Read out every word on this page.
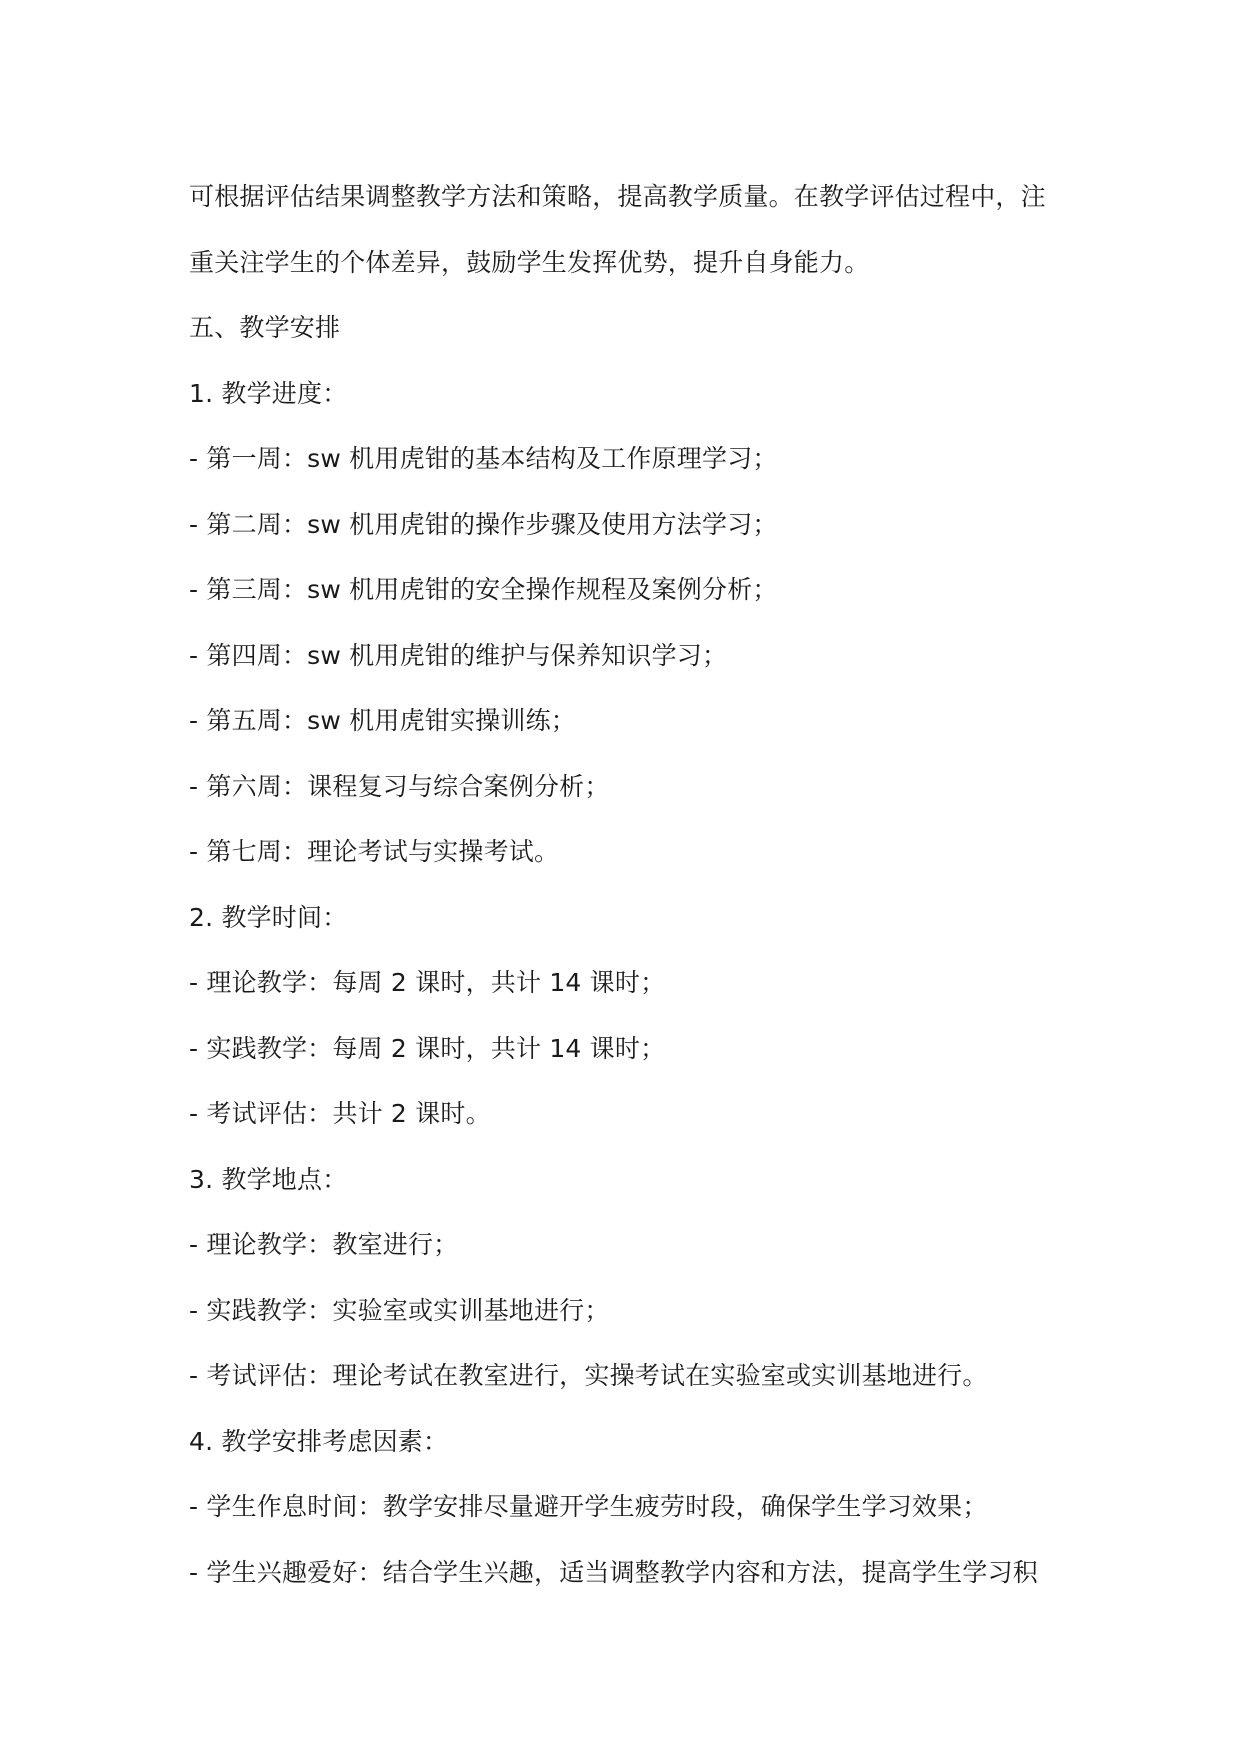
可根据评估结果调整教学方法和策略，提高教学质量。在教学评估过程中，注
重关注学生的个体差异，鼓励学生发挥优势，提升自身能力。
五、教学安排
1. 教学进度：
- 第一周：sw 机用虎钳的基本结构及工作原理学习；
- 第二周：sw 机用虎钳的操作步骤及使用方法学习；
- 第三周：sw 机用虎钳的安全操作规程及案例分析；
- 第四周：sw 机用虎钳的维护与保养知识学习；
- 第五周：sw 机用虎钳实操训练；
- 第六周：课程复习与综合案例分析；
- 第七周：理论考试与实操考试。
2. 教学时间：
- 理论教学：每周 2 课时，共计 14 课时；
- 实践教学：每周 2 课时，共计 14 课时；
- 考试评估：共计 2 课时。
3. 教学地点：
- 理论教学：教室进行；
- 实践教学：实验室或实训基地进行；
- 考试评估：理论考试在教室进行，实操考试在实验室或实训基地进行。
4. 教学安排考虑因素：
- 学生作息时间：教学安排尽量避开学生疲劳时段，确保学生学习效果；
- 学生兴趣爱好：结合学生兴趣，适当调整教学内容和方法，提高学生学习积
